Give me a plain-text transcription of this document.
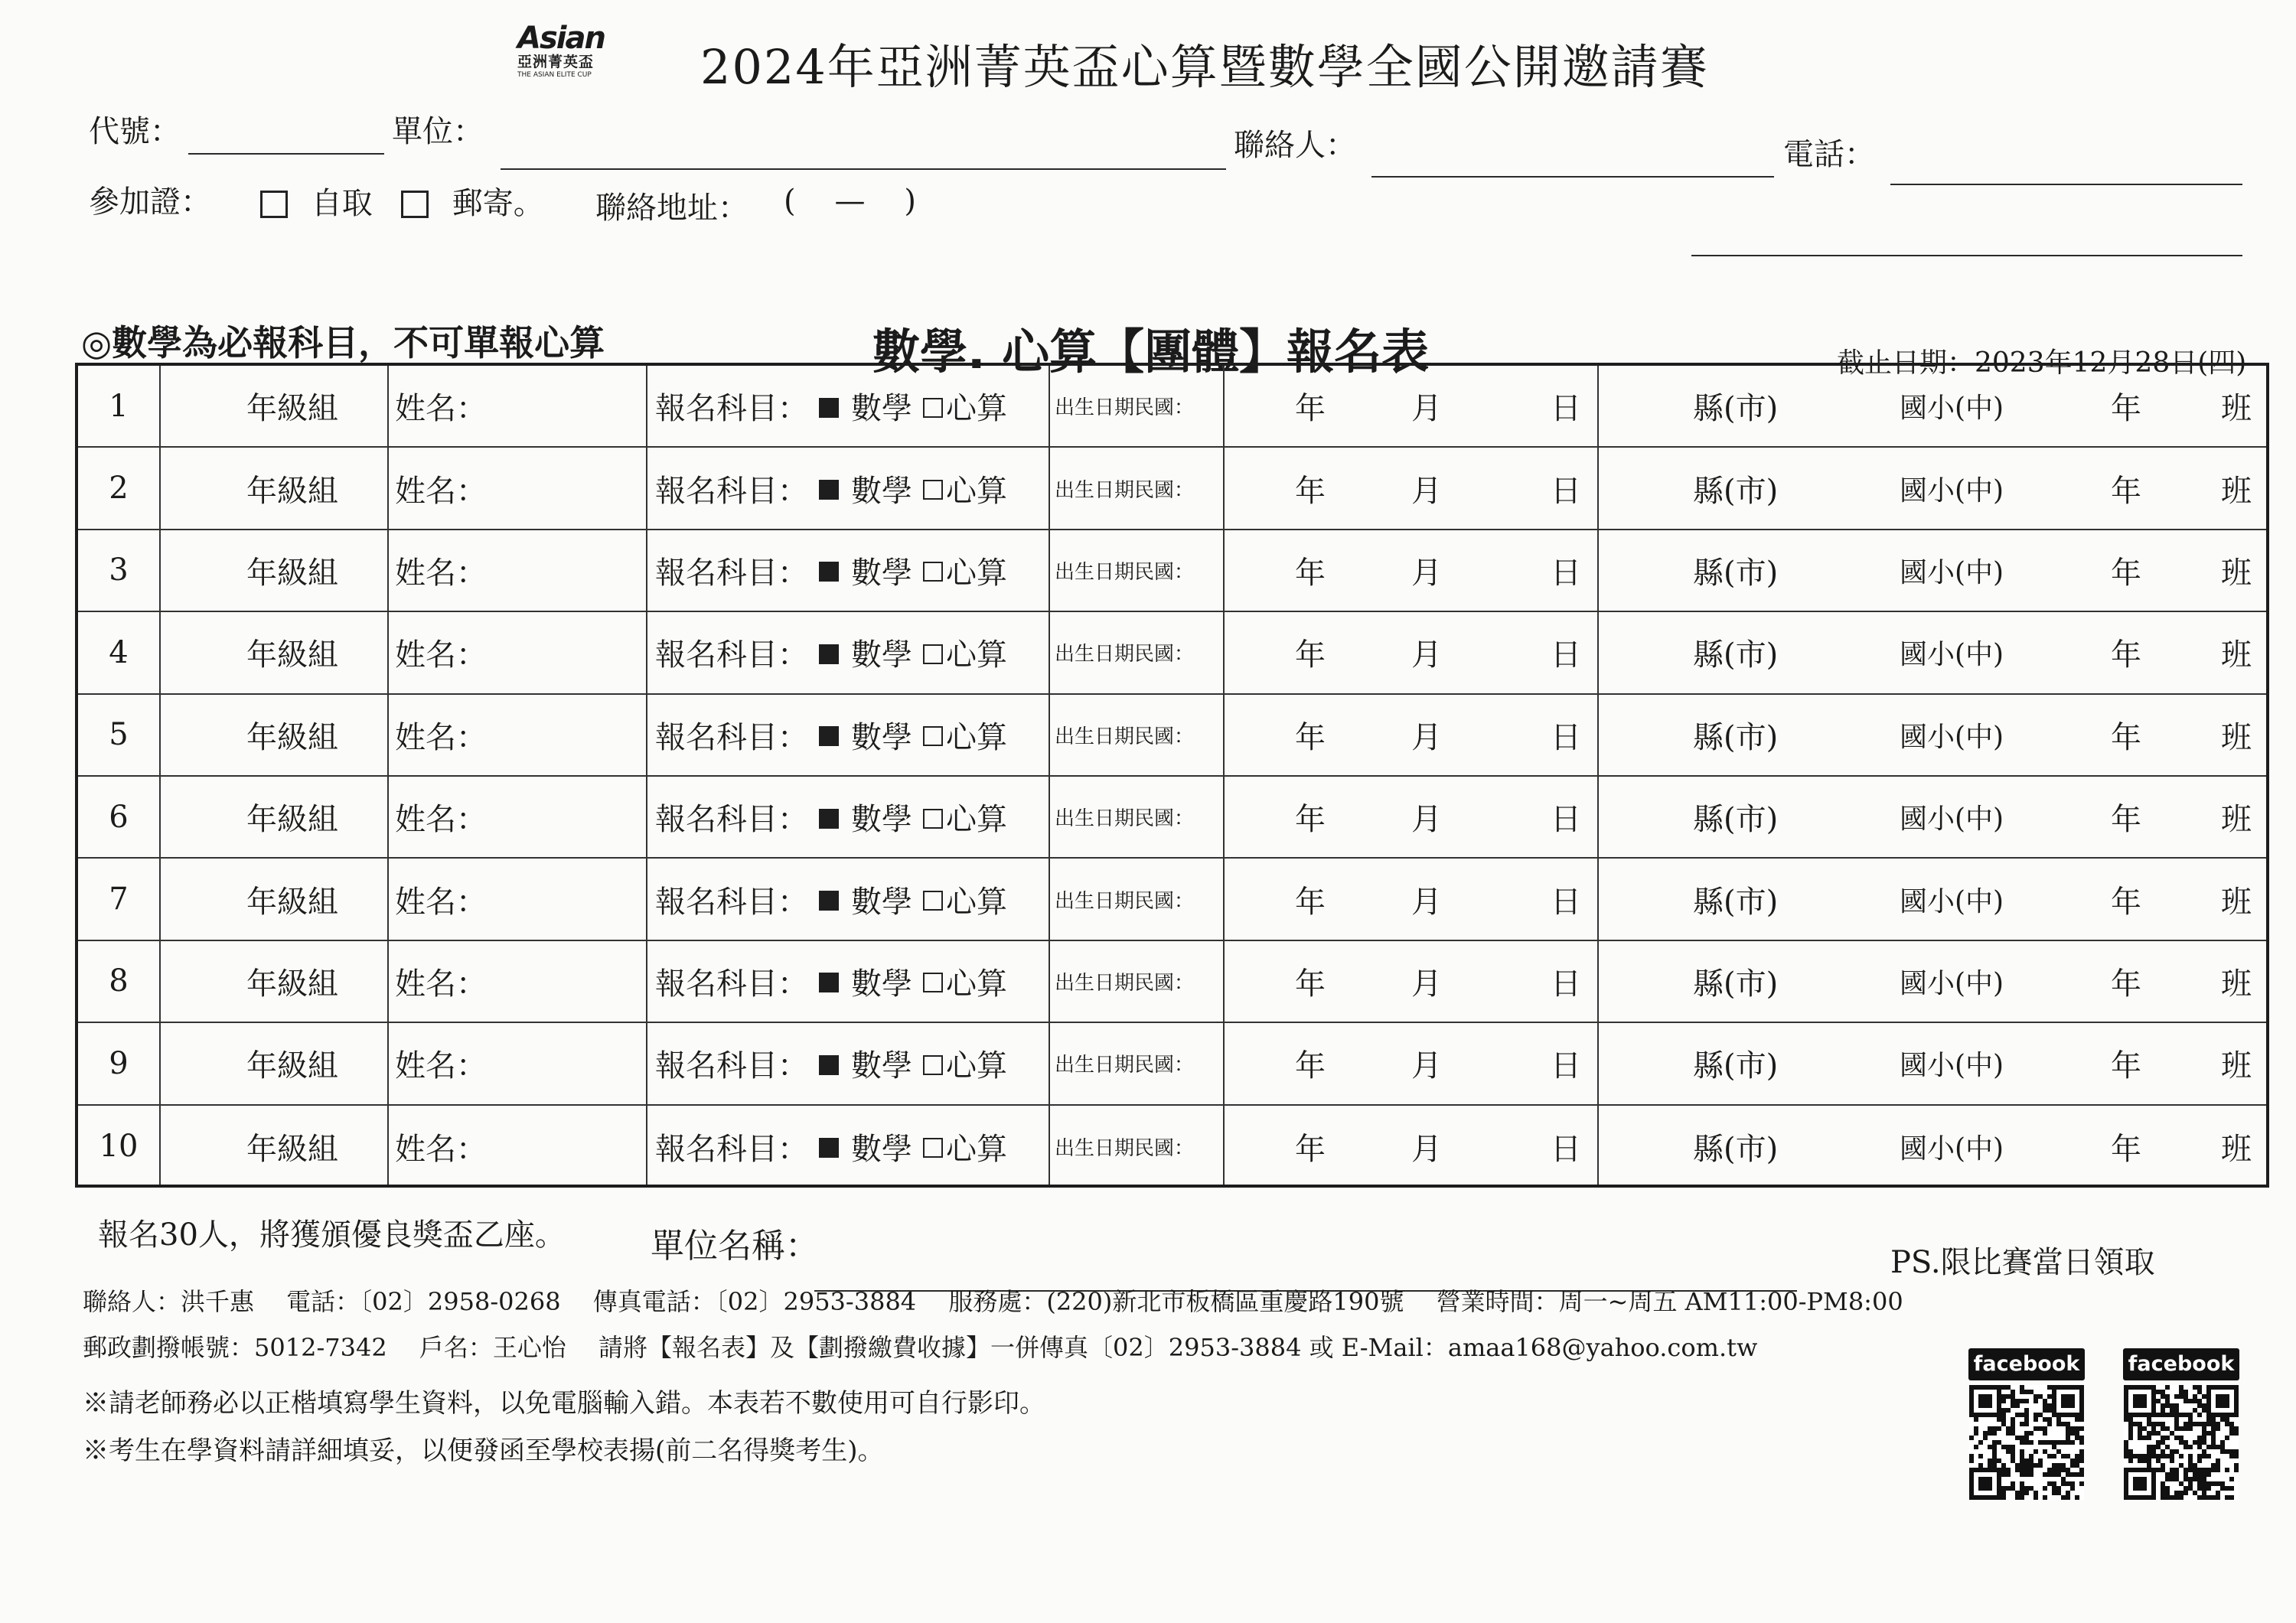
Asian
亞洲菁英盃
THE ASIAN ELITE CUP 2024年亞洲菁英盃心算暨數學全國公開邀請賽
代號：	單位：	聯絡人：	電話：
參加證：	自取	郵寄。 聯絡地址： (    —    )
◎數學為必報科目，不可單報心算	數學. 心算【團體】報名表	截止日期：2023年12月28日(四)
1	年級組 姓名：	報名科目： 數學 心算 出生日期民國：	年	月	日	縣(市)	國小(中)	年	班
2	年級組 姓名：	報名科目： 數學 心算 出生日期民國：	年	月	日	縣(市)	國小(中)	年	班
3	年級組 姓名：	報名科目： 數學 心算 出生日期民國：	年	月	日	縣(市)	國小(中)	年	班
4	年級組 姓名：	報名科目： 數學 心算 出生日期民國：	年	月	日	縣(市)	國小(中)	年	班
5	年級組 姓名：	報名科目： 數學 心算 出生日期民國：	年	月	日	縣(市)	國小(中)	年	班
6	年級組 姓名：	報名科目： 數學 心算 出生日期民國：	年	月	日	縣(市)	國小(中)	年	班
7	年級組 姓名：	報名科目： 數學 心算 出生日期民國：	年	月	日	縣(市)	國小(中)	年	班
8	年級組 姓名：	報名科目： 數學 心算 出生日期民國：	年	月	日	縣(市)	國小(中)	年	班
9	年級組 姓名：	報名科目： 數學 心算 出生日期民國：	年	月	日	縣(市)	國小(中)	年	班
10	年級組 姓名：	報名科目： 數學 心算 出生日期民國：	年	月	日	縣(市)	國小(中)	年	班
報名30人，將獲頒優良獎盃乙座。	單位名稱：	PS.限比賽當日領取
聯絡人：洪千惠　 電話：〔02〕2958-0268　 傳真電話：〔02〕2953-3884　 服務處：(220)新北市板橋區重慶路190號　 營業時間：周一~周五 AM11:00-PM8:00
郵政劃撥帳號：5012-7342　 戶名：王心怡　 請將【報名表】及【劃撥繳費收據】一併傳真〔02〕2953-3884 或 E-Mail：amaa168@yahoo.com.tw
※請老師務必以正楷填寫學生資料，以免電腦輸入錯。本表若不數使用可自行影印。
※考生在學資料請詳細填妥，以便發函至學校表揚(前二名得獎考生)。
facebook facebook
